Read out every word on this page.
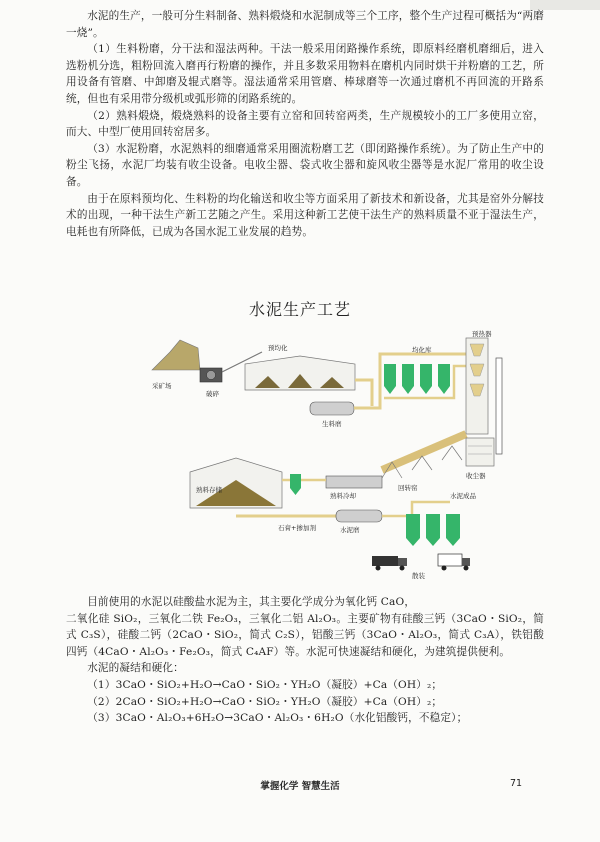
水泥的生产，一般可分生料制备、熟料煅烧和水泥制成等三个工序，整个生产过程可概括为“两磨一烧”。

（1）生料粉磨，分干法和湿法两种。干法一般采用闭路操作系统，即原料经磨机磨细后，进入选粉机分选，粗粉回流入磨再行粉磨的操作，并且多数采用物料在磨机内同时烘干并粉磨的工艺，所用设备有管磨、中卸磨及辊式磨等。湿法通常采用管磨、棒球磨等一次通过磨机不再回流的开路系统，但也有采用带分级机或弧形筛的闭路系统的。

（2）熟料煅烧，煅烧熟料的设备主要有立窑和回转窑两类，生产规模较小的工厂多使用立窑，而大、中型厂使用回转窑居多。

（3）水泥粉磨，水泥熟料的细磨通常采用圈流粉磨工艺（即闭路操作系统）。为了防止生产中的粉尘飞扬，水泥厂均装有收尘设备。电收尘器、袋式收尘器和旋风收尘器等是水泥厂常用的收尘设备。

由于在原料预均化、生料粉的均化输送和收尘等方面采用了新技术和新设备，尤其是窑外分解技术的出现，一种干法生产新工艺随之产生。采用这种新工艺使干法生产的熟料质量不亚于湿法生产，电耗也有所降低，已成为各国水泥工业发展的趋势。

水泥生产工艺
采矿场
破碎
预均化	均化库
预热器
生料磨
回转窑
收尘器
熟料存储
熟料冷却
石膏+掺加剂	水泥磨
水泥成品
散装

目前使用的水泥以硅酸盐水泥为主，其主要化学成分为氧化钙 CaO，

二氧化硅 SiO₂，三氧化二铁 Fe₂O₃，三氧化二铝 Al₂O₃。主要矿物有硅酸三钙（3CaO・SiO₂，简式 C₃S），硅酸二钙（2CaO・SiO₂，简式 C₂S），铝酸三钙（3CaO・Al₂O₃，简式 C₃A），铁铝酸四钙（4CaO・Al₂O₃・Fe₂O₃，简式 C₄AF）等。水泥可快速凝结和硬化，为建筑提供便利。

水泥的凝结和硬化：

（1）3CaO・SiO₂+H₂O→CaO・SiO₂・YH₂O（凝胶）+Ca（OH）₂；

（2）2CaO・SiO₂+H₂O→CaO・SiO₂・YH₂O（凝胶）+Ca（OH）₂；

（3）3CaO・Al₂O₃+6H₂O→3CaO・Al₂O₃・6H₂O（水化铝酸钙，不稳定）；

掌握化学 智慧生活	71
